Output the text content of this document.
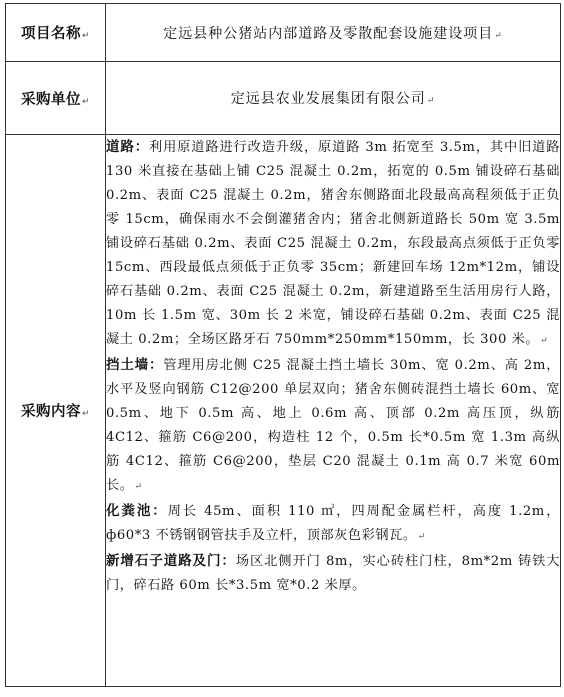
项目名称↵	定远县种公猪站内部道路及零散配套设施建设项目↵
采购单位↵	定远县农业发展集团有限公司↵
采购内容↵	道路：利用原道路进行改造升级，原道路 3m 拓宽至 3.5m，其中旧道路 130 米直接在基础上铺 C25 混凝土 0.2m，拓宽的 0.5m 铺设碎石基础 0.2m、表面 C25 混凝土 0.2m，猪舍东侧路面北段最高高程须低于正负零 15cm，确保雨水不会倒灌猪舍内；猪舍北侧新道路长 50m 宽 3.5m 铺设碎石基础 0.2m、表面 C25 混凝土 0.2m，东段最高点须低于正负零 15cm、西段最低点须低于正负零 35cm；新建回车场 12m*12m，铺设碎石基础 0.2m、表面 C25 混凝土 0.2m，新建道路至生活用房行人路，10m 长 1.5m 宽、30m 长 2 米宽，铺设碎石基础 0.2m、表面 C25 混凝土 0.2m；全场区路牙石 750mm*250mm*150mm，长 300 米。↵

挡土墙：管理用房北侧 C25 混凝土挡土墙长 30m、宽 0.2m、高 2m，水平及竖向钢筋 C12@200 单层双向；猪舍东侧砖混挡土墙长 60m、宽 0.5m、地下 0.5m 高、地上 0.6m 高、顶部 0.2m 高压顶，纵筋 4C12、箍筋 C6@200，构造柱 12 个，0.5m 长*0.5m 宽 1.3m 高纵筋 4C12、箍筋 C6@200，垫层 C20 混凝土 0.1m 高 0.7 米宽 60m 长。↵

化粪池：周长 45m、面积 110 ㎡，四周配金属栏杆，高度 1.2m，ф60*3 不锈钢钢管扶手及立杆，顶部灰色彩钢瓦。↵

新增石子道路及门：场区北侧开门 8m，实心砖柱门柱，8m*2m 铸铁大门，碎石路 60m 长*3.5m 宽*0.2 米厚。
